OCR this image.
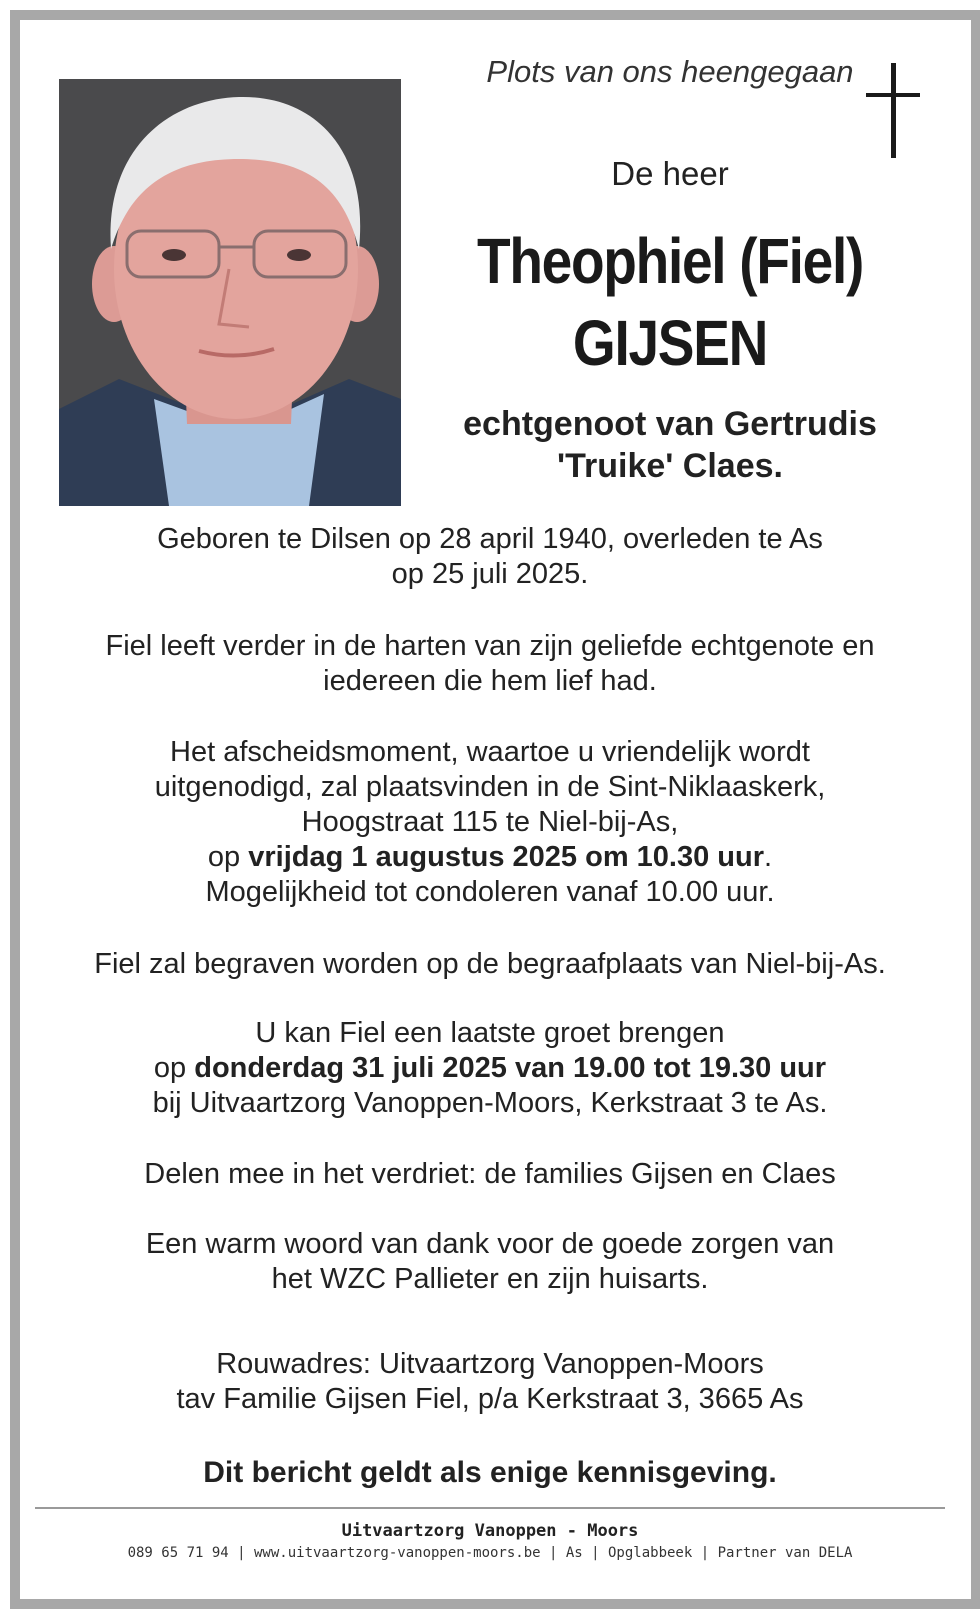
Plots van ons heengegaan
De heer
Theophiel (Fiel)
GIJSEN
echtgenoot van Gertrudis
'Truike' Claes.

Geboren te Dilsen op 28 april 1940, overleden te As

op 25 juli 2025.

Fiel leeft verder in de harten van zijn geliefde echtgenote en

iedereen die hem lief had.

Het afscheidsmoment, waartoe u vriendelijk wordt

uitgenodigd, zal plaatsvinden in de Sint-Niklaaskerk,

Hoogstraat 115 te Niel-bij-As,

op vrijdag 1 augustus 2025 om 10.30 uur.

Mogelijkheid tot condoleren vanaf 10.00 uur.

Fiel zal begraven worden op de begraafplaats van Niel-bij-As.

U kan Fiel een laatste groet brengen

op donderdag 31 juli 2025 van 19.00 tot 19.30 uur

bij Uitvaartzorg Vanoppen-Moors, Kerkstraat 3 te As.

Delen mee in het verdriet: de families Gijsen en Claes

Een warm woord van dank voor de goede zorgen van

het WZC Pallieter en zijn huisarts.

Rouwadres: Uitvaartzorg Vanoppen-Moors

tav Familie Gijsen Fiel, p/a Kerkstraat 3, 3665 As

Dit bericht geldt als enige kennisgeving.
Uitvaartzorg Vanoppen - Moors
089 65 71 94 | www.uitvaartzorg-vanoppen-moors.be | As | Opglabbeek | Partner van DELA
